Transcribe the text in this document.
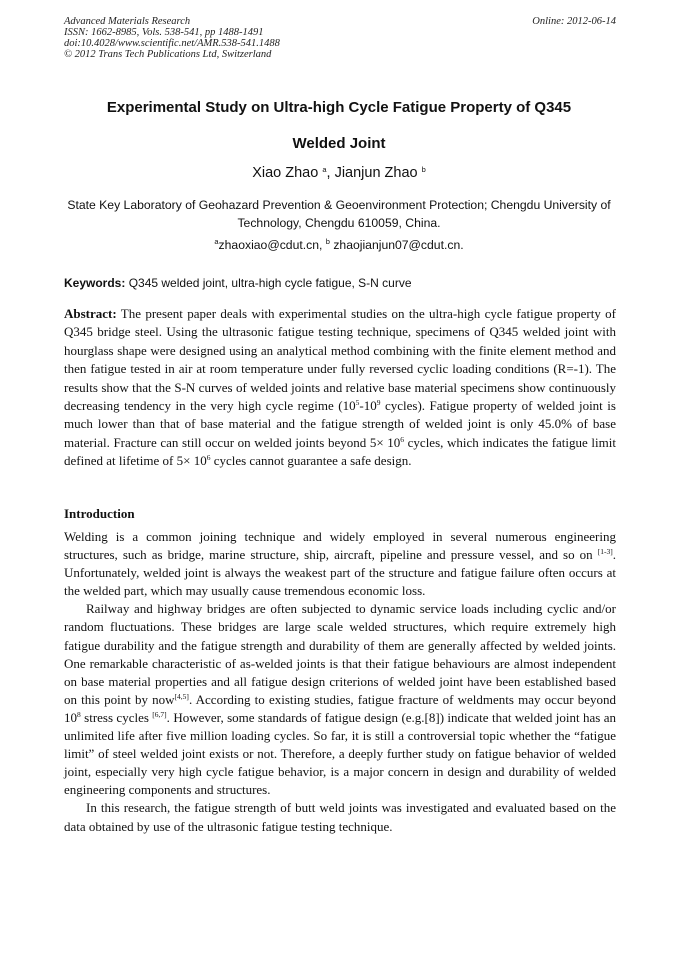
Advanced Materials Research
ISSN: 1662-8985, Vols. 538-541, pp 1488-1491
doi:10.4028/www.scientific.net/AMR.538-541.1488
© 2012 Trans Tech Publications Ltd, Switzerland
Online: 2012-06-14
Experimental Study on Ultra-high Cycle Fatigue Property of Q345
Welded Joint
Xiao Zhao $^a$, Jianjun Zhao $^b$
State Key Laboratory of Geohazard Prevention & Geoenvironment Protection; Chengdu University of Technology, Chengdu 610059, China.
$^a$zhaoxiao@cdut.cn, $^b$ zhaojianjun07@cdut.cn.
Keywords: Q345 welded joint, ultra-high cycle fatigue, S-N curve
Abstract: The present paper deals with experimental studies on the ultra-high cycle fatigue property of Q345 bridge steel. Using the ultrasonic fatigue testing technique, specimens of Q345 welded joint with hourglass shape were designed using an analytical method combining with the finite element method and then fatigue tested in air at room temperature under fully reversed cyclic loading conditions (R=-1). The results show that the S-N curves of welded joints and relative base material specimens show continuously decreasing tendency in the very high cycle regime ($10^5-10^9$ cycles). Fatigue property of welded joint is much lower than that of base material and the fatigue strength of welded joint is only 45.0% of base material. Fracture can still occur on welded joints beyond $5\times 10^6$ cycles, which indicates the fatigue limit defined at lifetime of $5\times 10^6$ cycles cannot guarantee a safe design.
Introduction

Welding is a common joining technique and widely employed in several numerous engineering structures, such as bridge, marine structure, ship, aircraft, pipeline and pressure vessel, and so on [1-3]. Unfortunately, welded joint is always the weakest part of the structure and fatigue failure often occurs at the welded part, which may usually cause tremendous economic loss.

Railway and highway bridges are often subjected to dynamic service loads including cyclic and/or random fluctuations. These bridges are large scale welded structures, which require extremely high fatigue durability and the fatigue strength and durability of them are generally affected by welded joints. One remarkable characteristic of as-welded joints is that their fatigue behaviours are almost independent on base material properties and all fatigue design criterions of welded joint have been established based on this point by now[4,5]. According to existing studies, fatigue fracture of weldments may occur beyond $10^8$ stress cycles [6,7]. However, some standards of fatigue design (e.g.[8]) indicate that welded joint has an unlimited life after five million loading cycles. So far, it is still a controversial topic whether the “fatigue limit” of steel welded joint exists or not. Therefore, a deeply further study on fatigue behavior of welded joint, especially very high cycle fatigue behavior, is a major concern in design and durability of welded engineering components and structures.

In this research, the fatigue strength of butt weld joints was investigated and evaluated based on the data obtained by use of the ultrasonic fatigue testing technique.
